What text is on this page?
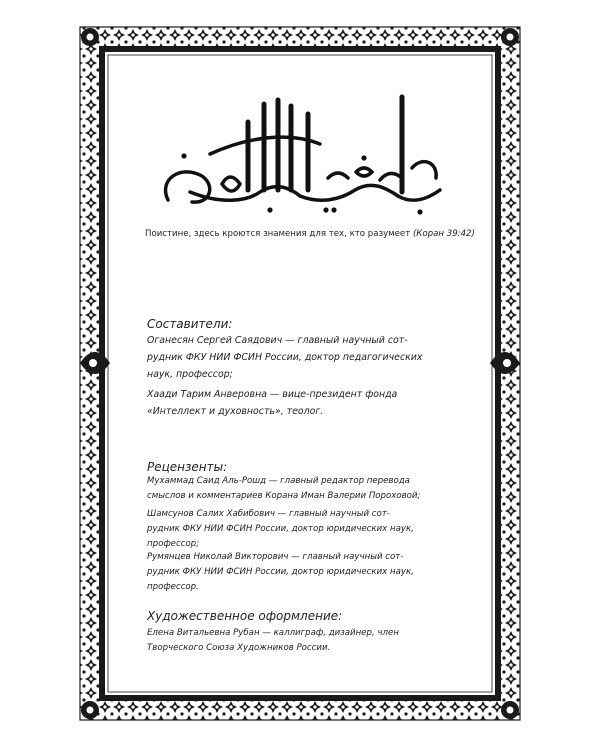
Поистине, здесь кроются знамения для тех, кто разумеет (Коран 39:42)
Составители:
Оганесян Сергей Саядович — главный научный сот-
рудник ФКУ НИИ ФСИН России, доктор педагогических
наук, профессор;
Хаади Тарим Анверовна — вице-президент фонда
«Интеллект и духовность», теолог.
Рецензенты:
Мухаммад Саид Аль-Рошд — главный редактор перевода
смыслов и комментариев Корана Иман Валерии Пороховой;
Шамсунов Салих Хабибович — главный научный сот-
рудник ФКУ НИИ ФСИН России, доктор юридических наук,
профессор;
Румянцев Николай Викторович — главный научный сот-
рудник ФКУ НИИ ФСИН России, доктор юридических наук,
профессор.
Художественное оформление:
Елена Витальевна Рубан — каллиграф, дизайнер, член
Творческого Союза Художников России.
